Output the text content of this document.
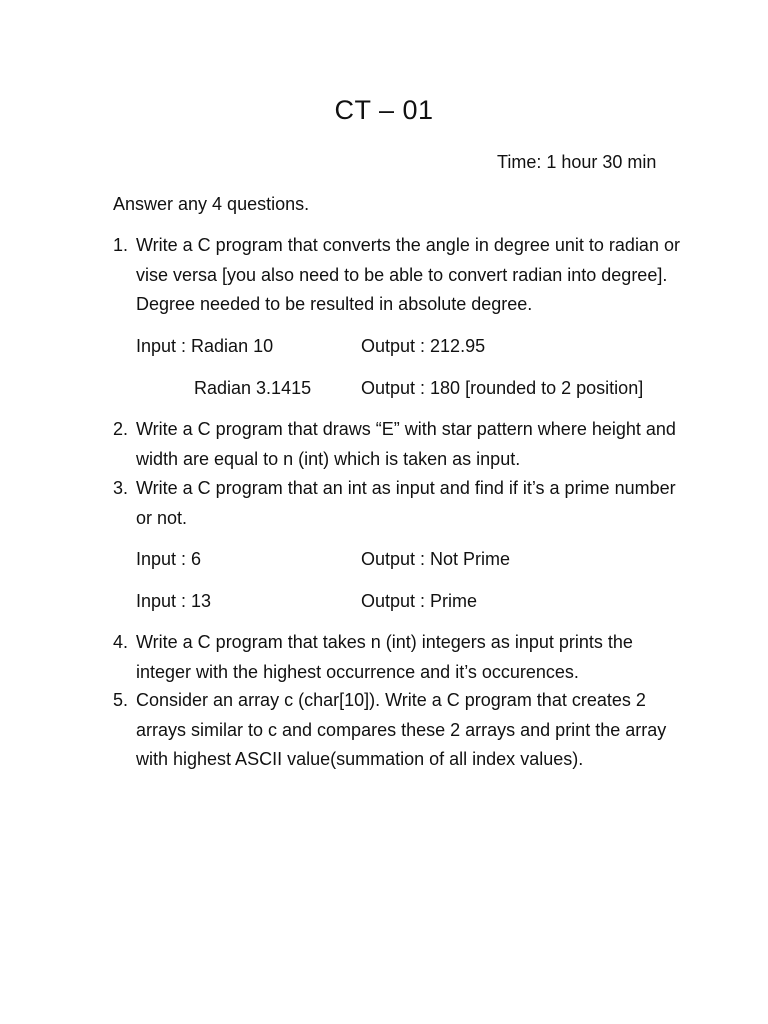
CT – 01
Time: 1 hour 30 min
Answer any 4 questions.
1. Write a C program that converts the angle in degree unit to radian or vise versa [you also need to be able to convert radian into degree]. Degree needed to be resulted in absolute degree.
Input : Radian 10	Output : 212.95
Radian 3.1415	Output : 180 [rounded to 2 position]
2. Write a C program that draws “E” with star pattern where height and width are equal to n (int) which is taken as input.
3. Write a C program that an int as input and find if it’s a prime number or not.
Input : 6	Output : Not Prime
Input : 13	Output : Prime
4. Write a C program that takes n (int) integers as input prints the integer with the highest occurrence and it’s occurences.
5. Consider an array c (char[10]). Write a C program that creates 2 arrays similar to c and compares these 2 arrays and print the array with highest ASCII value(summation of all index values).
